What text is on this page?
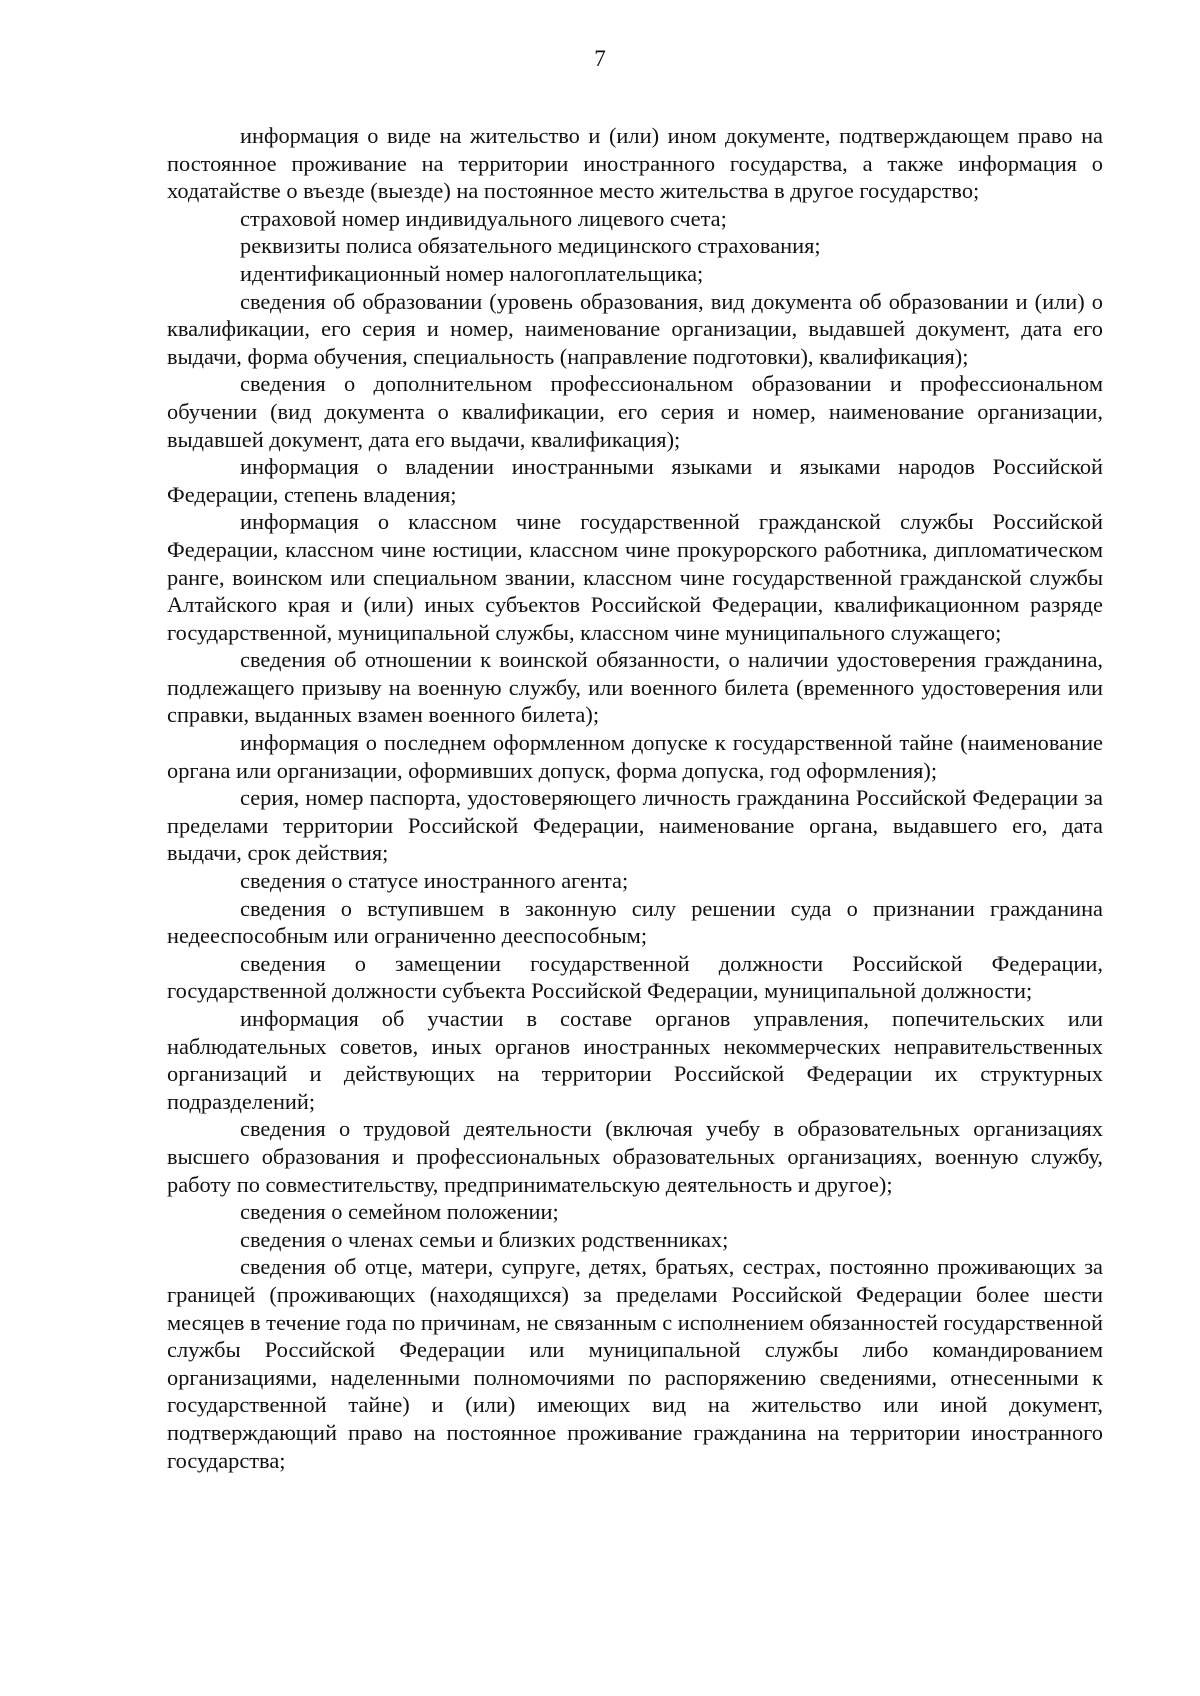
7

информация о виде на жительство и (или) ином документе, подтверждающем право на постоянное проживание на территории иностранного государства, а также информация о ходатайстве о въезде (выезде) на постоянное место жительства в другое государство;

страховой номер индивидуального лицевого счета;

реквизиты полиса обязательного медицинского страхования;

идентификационный номер налогоплательщика;

сведения об образовании (уровень образования, вид документа об образовании и (или) о квалификации, его серия и номер, наименование организации, выдавшей документ, дата его выдачи, форма обучения, специальность (направление подготовки), квалификация);

сведения о дополнительном профессиональном образовании и профессиональном обучении (вид документа о квалификации, его серия и номер, наименование организации, выдавшей документ, дата его выдачи, квалификация);

информация о владении иностранными языками и языками народов Российской Федерации, степень владения;

информация о классном чине государственной гражданской службы Российской Федерации, классном чине юстиции, классном чине прокурорского работника, дипломатическом ранге, воинском или специальном звании, классном чине государственной гражданской службы Алтайского края и (или) иных субъектов Российской Федерации, квалификационном разряде государственной, муниципальной службы, классном чине муниципального служащего;

сведения об отношении к воинской обязанности, о наличии удостоверения гражданина, подлежащего призыву на военную службу, или военного билета (временного удостоверения или справки, выданных взамен военного билета);

информация о последнем оформленном допуске к государственной тайне (наименование органа или организации, оформивших допуск, форма допуска, год оформления);

серия, номер паспорта, удостоверяющего личность гражданина Российской Федерации за пределами территории Российской Федерации, наименование органа, выдавшего его, дата выдачи, срок действия;

сведения о статусе иностранного агента;

сведения о вступившем в законную силу решении суда о признании гражданина недееспособным или ограниченно дееспособным;

сведения о замещении государственной должности Российской Федерации, государственной должности субъекта Российской Федерации, муниципальной должности;

информация об участии в составе органов управления, попечительских или наблюдательных советов, иных органов иностранных некоммерческих неправительственных организаций и действующих на территории Российской Федерации их структурных подразделений;

сведения о трудовой деятельности (включая учебу в образовательных организациях высшего образования и профессиональных образовательных организациях, военную службу, работу по совместительству, предпринимательскую деятельность и другое);

сведения о семейном положении;

сведения о членах семьи и близких родственниках;

сведения об отце, матери, супруге, детях, братьях, сестрах, постоянно проживающих за границей (проживающих (находящихся) за пределами Российской Федерации более шести месяцев в течение года по причинам, не связанным с исполнением обязанностей государственной службы Российской Федерации или муниципальной службы либо командированием организациями, наделенными полномочиями по распоряжению сведениями, отнесенными к государственной тайне) и (или) имеющих вид на жительство или иной документ, подтверждающий право на постоянное проживание гражданина на территории иностранного государства;
